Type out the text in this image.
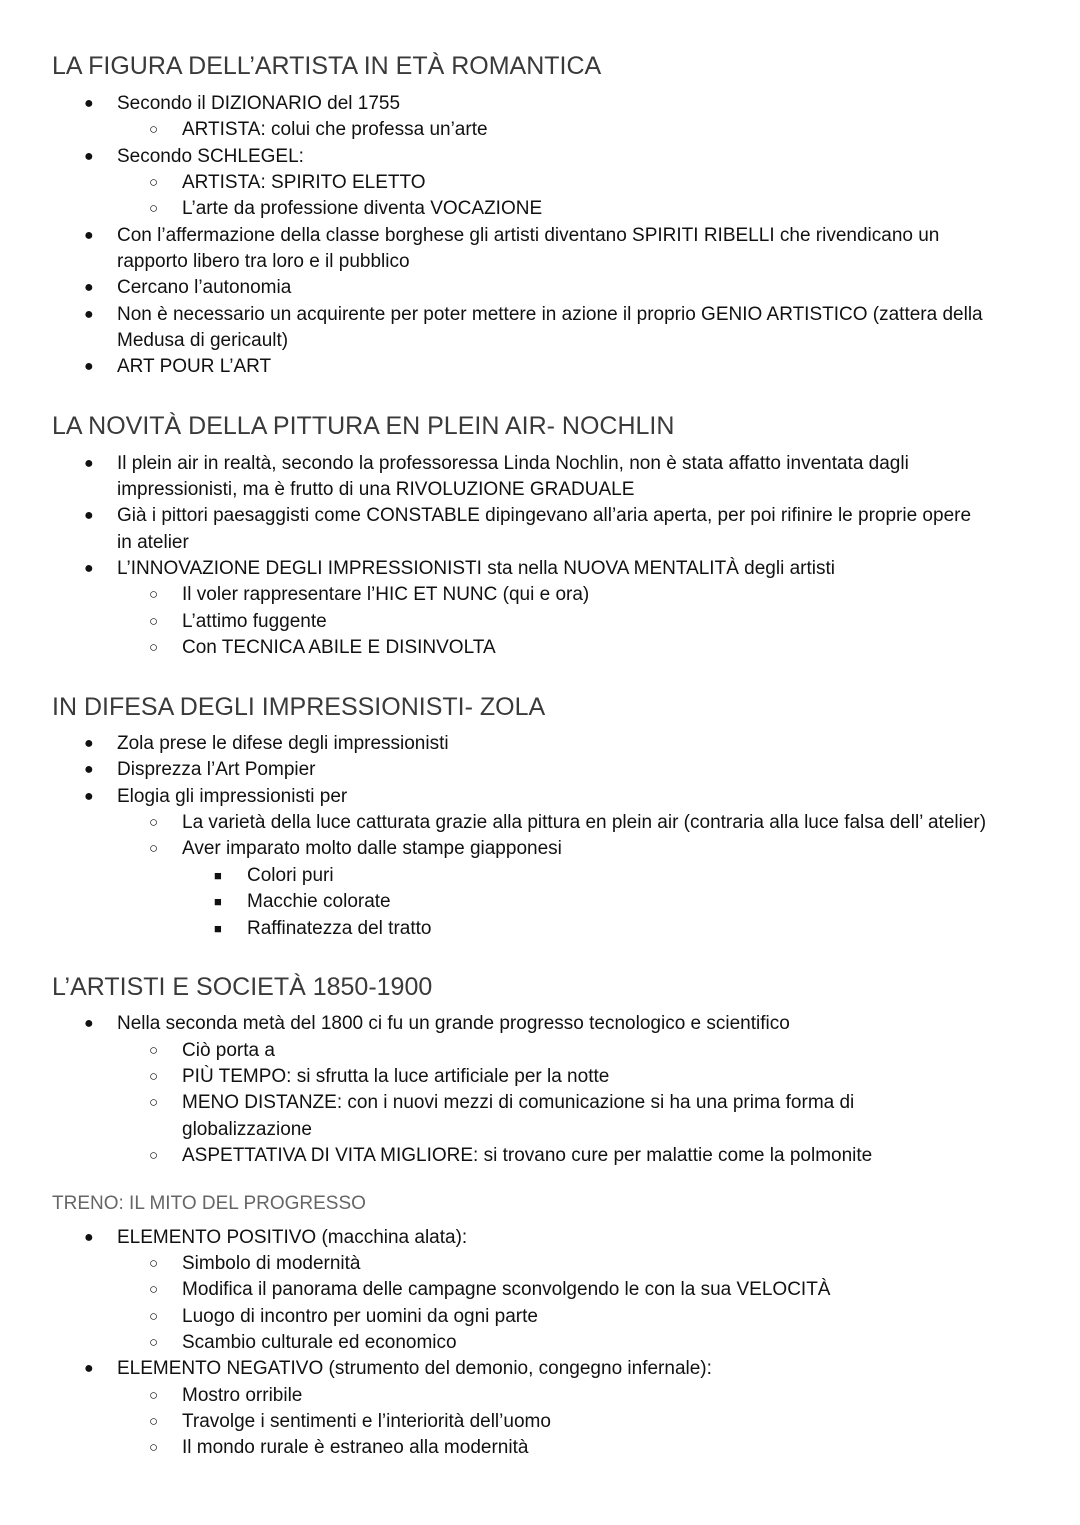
LA FIGURA DELL’ARTISTA IN ETÀ ROMANTICA
● Secondo il DIZIONARIO del 1755
○ ARTISTA: colui che professa un’arte
● Secondo SCHLEGEL:
○ ARTISTA: SPIRITO ELETTO
○ L’arte da professione diventa VOCAZIONE
● Con l’affermazione della classe borghese gli artisti diventano SPIRITI RIBELLI che rivendicano un
rapporto libero tra loro e il pubblico
● Cercano l’autonomia
● Non è necessario un acquirente per poter mettere in azione il proprio GENIO ARTISTICO (zattera della
Medusa di gericault)
● ART POUR L’ART
LA NOVITÀ DELLA PITTURA EN PLEIN AIR- NOCHLIN
● Il plein air in realtà, secondo la professoressa Linda Nochlin, non è stata affatto inventata dagli
impressionisti, ma è frutto di una RIVOLUZIONE GRADUALE
● Già i pittori paesaggisti come CONSTABLE dipingevano all’aria aperta, per poi rifinire le proprie opere
in atelier
● L’INNOVAZIONE DEGLI IMPRESSIONISTI sta nella NUOVA MENTALITÀ degli artisti
○ Il voler rappresentare l’HIC ET NUNC (qui e ora)
○ L’attimo fuggente
○ Con TECNICA ABILE E DISINVOLTA
IN DIFESA DEGLI IMPRESSIONISTI- ZOLA
● Zola prese le difese degli impressionisti
● Disprezza l’Art Pompier
● Elogia gli impressionisti per
○ La varietà della luce catturata grazie alla pittura en plein air (contraria alla luce falsa dell’ atelier)
○ Aver imparato molto dalle stampe giapponesi
■ Colori puri
■ Macchie colorate
■ Raffinatezza del tratto
L’ARTISTI E SOCIETÀ 1850-1900
● Nella seconda metà del 1800 ci fu un grande progresso tecnologico e scientifico
○ Ciò porta a
○ PIÙ TEMPO: si sfrutta la luce artificiale per la notte
○ MENO DISTANZE: con i nuovi mezzi di comunicazione si ha una prima forma di
globalizzazione
○ ASPETTATIVA DI VITA MIGLIORE: si trovano cure per malattie come la polmonite
TRENO: IL MITO DEL PROGRESSO
● ELEMENTO POSITIVO (macchina alata):
○ Simbolo di modernità
○ Modifica il panorama delle campagne sconvolgendo le con la sua VELOCITÀ
○ Luogo di incontro per uomini da ogni parte
○ Scambio culturale ed economico
● ELEMENTO NEGATIVO (strumento del demonio, congegno infernale):
○ Mostro orribile
○ Travolge i sentimenti e l’interiorità dell’uomo
○ Il mondo rurale è estraneo alla modernità
